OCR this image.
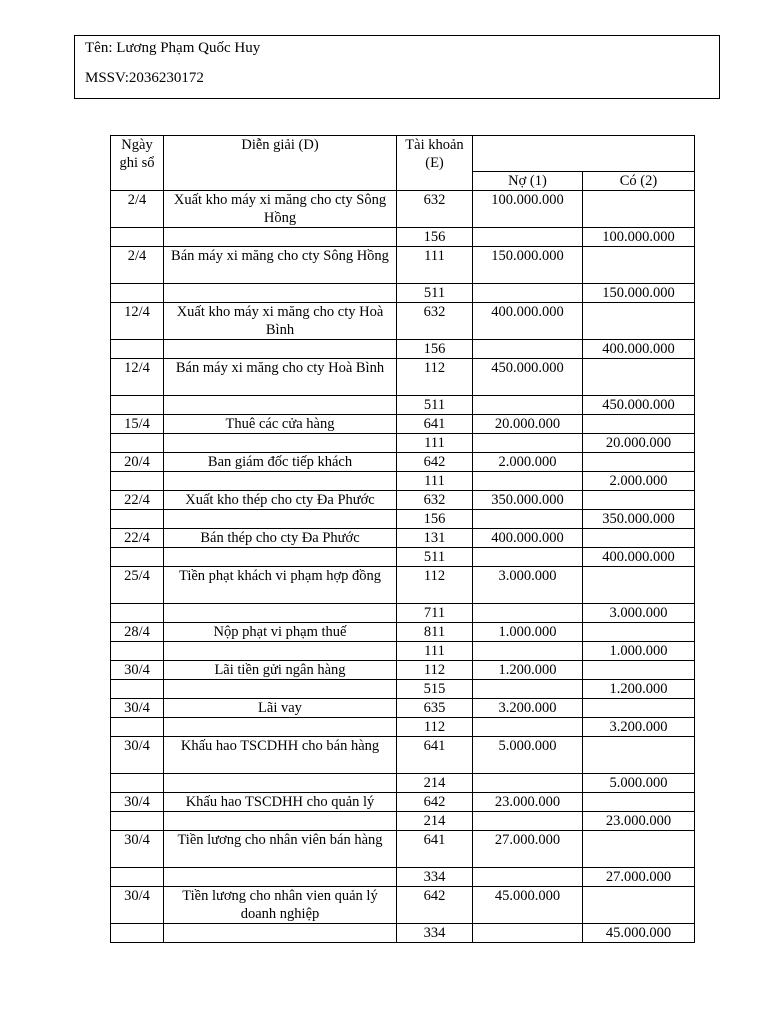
Tên: Lương Phạm Quốc Huy
MSSV:2036230172
Ngày ghi sổ	Diễn giải (D)	Tài khoản (E)		
			Nợ (1)	Có (2)
2/4	Xuất kho máy xi măng cho cty Sông Hồng	632	100.000.000	
		156		100.000.000
2/4	Bán máy xi măng cho cty Sông Hồng	111	150.000.000	
		511		150.000.000
12/4	Xuất kho máy xi măng cho cty Hoà Bình	632	400.000.000	
		156		400.000.000
12/4	Bán máy xi măng cho cty Hoà Bình	112	450.000.000	
		511		450.000.000
15/4	Thuê các cửa hàng	641	20.000.000	
		111		20.000.000
20/4	Ban giám đốc tiếp khách	642	2.000.000	
		111		2.000.000
22/4	Xuất kho thép cho cty Đa Phước	632	350.000.000	
		156		350.000.000
22/4	Bán thép cho cty Đa Phước	131	400.000.000	
		511		400.000.000
25/4	Tiền phạt khách vi phạm hợp đồng	112	3.000.000	
		711		3.000.000
28/4	Nộp phạt vi phạm thuế	811	1.000.000	
		111		1.000.000
30/4	Lãi tiền gửi ngân hàng	112	1.200.000	
		515		1.200.000
30/4	Lãi vay	635	3.200.000	
		112		3.200.000
30/4	Khấu hao TSCDHH cho bán hàng	641	5.000.000	
		214		5.000.000
30/4	Khấu hao TSCDHH cho quản lý	642	23.000.000	
		214		23.000.000
30/4	Tiền lương cho nhân viên bán hàng	641	27.000.000	
		334		27.000.000
30/4	Tiền lương cho nhân vien quản lý doanh nghiệp	642	45.000.000	
		334		45.000.000
